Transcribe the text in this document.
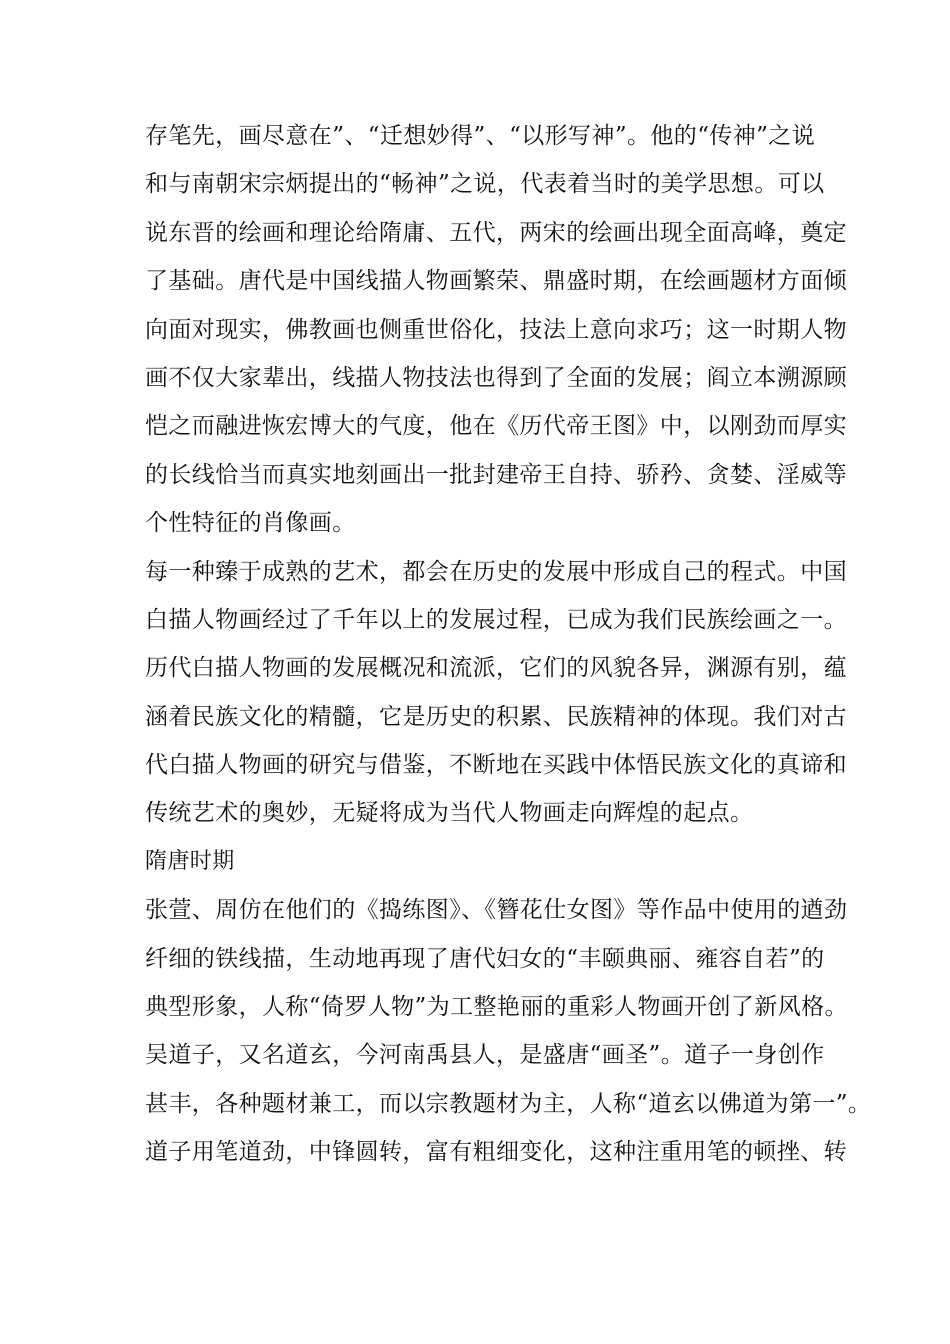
存笔先，画尽意在”、“迁想妙得”、“以形写神”。他的“传神”之说
和与南朝宋宗炳提出的“畅神”之说，代表着当时的美学思想。可以
说东晋的绘画和理论给隋庸、五代，两宋的绘画出现全面高峰，奠定
了基础。唐代是中国线描人物画繁荣、鼎盛时期，在绘画题材方面倾
向面对现实，佛教画也侧重世俗化，技法上意向求巧；这一时期人物
画不仅大家辈出，线描人物技法也得到了全面的发展；阎立本溯源顾
恺之而融进恢宏博大的气度，他在《历代帝王图》中，以刚劲而厚实
的长线恰当而真实地刻画出一批封建帝王自持、骄矜、贪婪、淫威等
个性特征的肖像画。
每一种臻于成熟的艺术，都会在历史的发展中形成自己的程式。中国
白描人物画经过了千年以上的发展过程，已成为我们民族绘画之一。
历代白描人物画的发展概况和流派，它们的风貌各异，渊源有别，蕴
涵着民族文化的精髓，它是历史的积累、民族精神的体现。我们对古
代白描人物画的研究与借鉴，不断地在买践中体悟民族文化的真谛和
传统艺术的奥妙，无疑将成为当代人物画走向辉煌的起点。
隋唐时期
张萱、周仿在他们的《捣练图》、《簪花仕女图》等作品中使用的遒劲
纤细的铁线描，生动地再现了唐代妇女的“丰颐典丽、雍容自若”的
典型形象，人称“倚罗人物”为工整艳丽的重彩人物画开创了新风格。
吴道子，又名道玄，今河南禹县人，是盛唐“画圣”。道子一身创作
甚丰，各种题材兼工，而以宗教题材为主，人称“道玄以佛道为第一”。
道子用笔道劲，中锋圆转，富有粗细变化，这种注重用笔的顿挫、转
